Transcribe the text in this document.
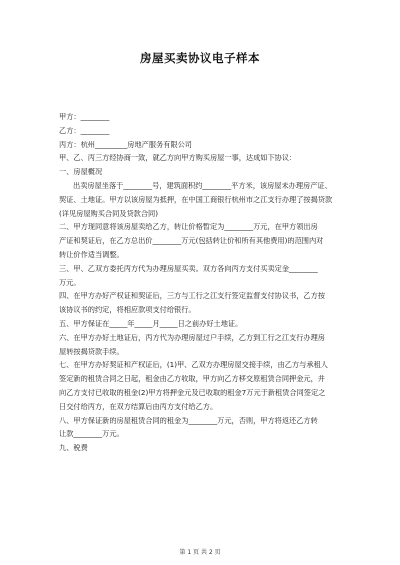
房屋买卖协议电子样本
甲方：________
乙方：________
丙方：杭州_________房地产服务有限公司
甲、乙、丙三方经协商一致，就乙方向甲方购买房屋一事，达成如下协议：
一、房屋概况
出卖房屋坐落于________号，建筑面积约________平方米，该房屋未办理房产证、
契证、土地证。甲方以该房屋为抵押，在中国工商银行杭州市之江支行办理了按揭贷款
(详见房屋购买合同及贷款合同)
二、甲方现同意将该房屋卖给乙方，转让价格暂定为________万元，在甲方领出房
产证和契证后，在乙方总出价________万元(包括转让价和所有其他费用)的范围内对
转让价作适当调整。
三、甲、乙双方委托丙方代为办理房屋买卖。双方各向丙方支付买卖定金________
万元。
四、在甲方办好产权证和契证后，三方与工行之江支行签定监督支付协议书，乙方按
该协议书的约定，将相应款项支付给银行。
五、甲方保证在_____年_____月_____日之前办好土地证。
六、在甲方办好土地证后，丙方代为办理房屋过户手续，乙方到工行之江支行办理房
屋转按揭贷款手续。
七、在甲方办好契证和产权证后，(1)甲、乙双方办理房屋交接手续，由乙方与承租人
签定新的租赁合同之日起，租金由乙方收取，甲方向乙方移交原租赁合同押金元，并
向乙方支付已收取的租金(2)甲方将押金元及已收取的租金7万元于新租赁合同签定之
日交付给丙方，在双方结算后由丙方支付给乙方。
八、甲方保证新的房屋租赁合同的租金为________万元，否则，甲方将返还乙方转
让款________万元。
九、税费
第 1 页 共 2 页
